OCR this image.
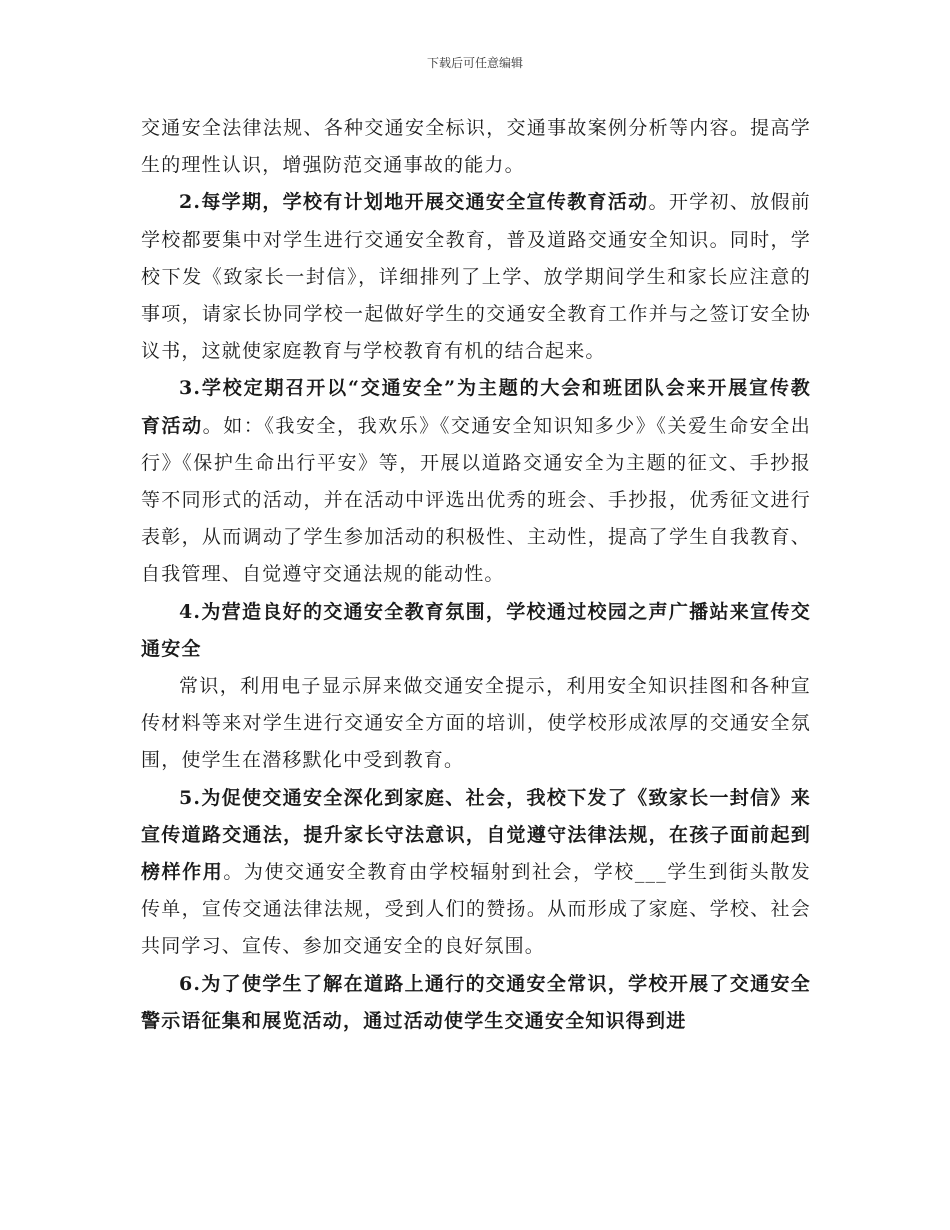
下载后可任意编辑

交通安全法律法规、各种交通安全标识，交通事故案例分析等内容。提高学生的理性认识，增强防范交通事故的能力。

2.每学期，学校有计划地开展交通安全宣传教育活动。开学初、放假前学校都要集中对学生进行交通安全教育，普及道路交通安全知识。同时，学校下发《致家长一封信》，详细排列了上学、放学期间学生和家长应注意的事项，请家长协同学校一起做好学生的交通安全教育工作并与之签订安全协议书，这就使家庭教育与学校教育有机的结合起来。

3.学校定期召开以“交通安全”为主题的大会和班团队会来开展宣传教育活动。如：《我安全，我欢乐》《交通安全知识知多少》《关爱生命安全出行》《保护生命出行平安》等，开展以道路交通安全为主题的征文、手抄报等不同形式的活动，并在活动中评选出优秀的班会、手抄报，优秀征文进行表彰，从而调动了学生参加活动的积极性、主动性，提高了学生自我教育、自我管理、自觉遵守交通法规的能动性。

4.为营造良好的交通安全教育氛围，学校通过校园之声广播站来宣传交通安全

常识，利用电子显示屏来做交通安全提示，利用安全知识挂图和各种宣传材料等来对学生进行交通安全方面的培训，使学校形成浓厚的交通安全氛围，使学生在潜移默化中受到教育。

5.为促使交通安全深化到家庭、社会，我校下发了《致家长一封信》来宣传道路交通法，提升家长守法意识，自觉遵守法律法规，在孩子面前起到榜样作用。为使交通安全教育由学校辐射到社会，学校___学生到街头散发传单，宣传交通法律法规，受到人们的赞扬。从而形成了家庭、学校、社会共同学习、宣传、参加交通安全的良好氛围。

6.为了使学生了解在道路上通行的交通安全常识，学校开展了交通安全警示语征集和展览活动，通过活动使学生交通安全知识得到进
